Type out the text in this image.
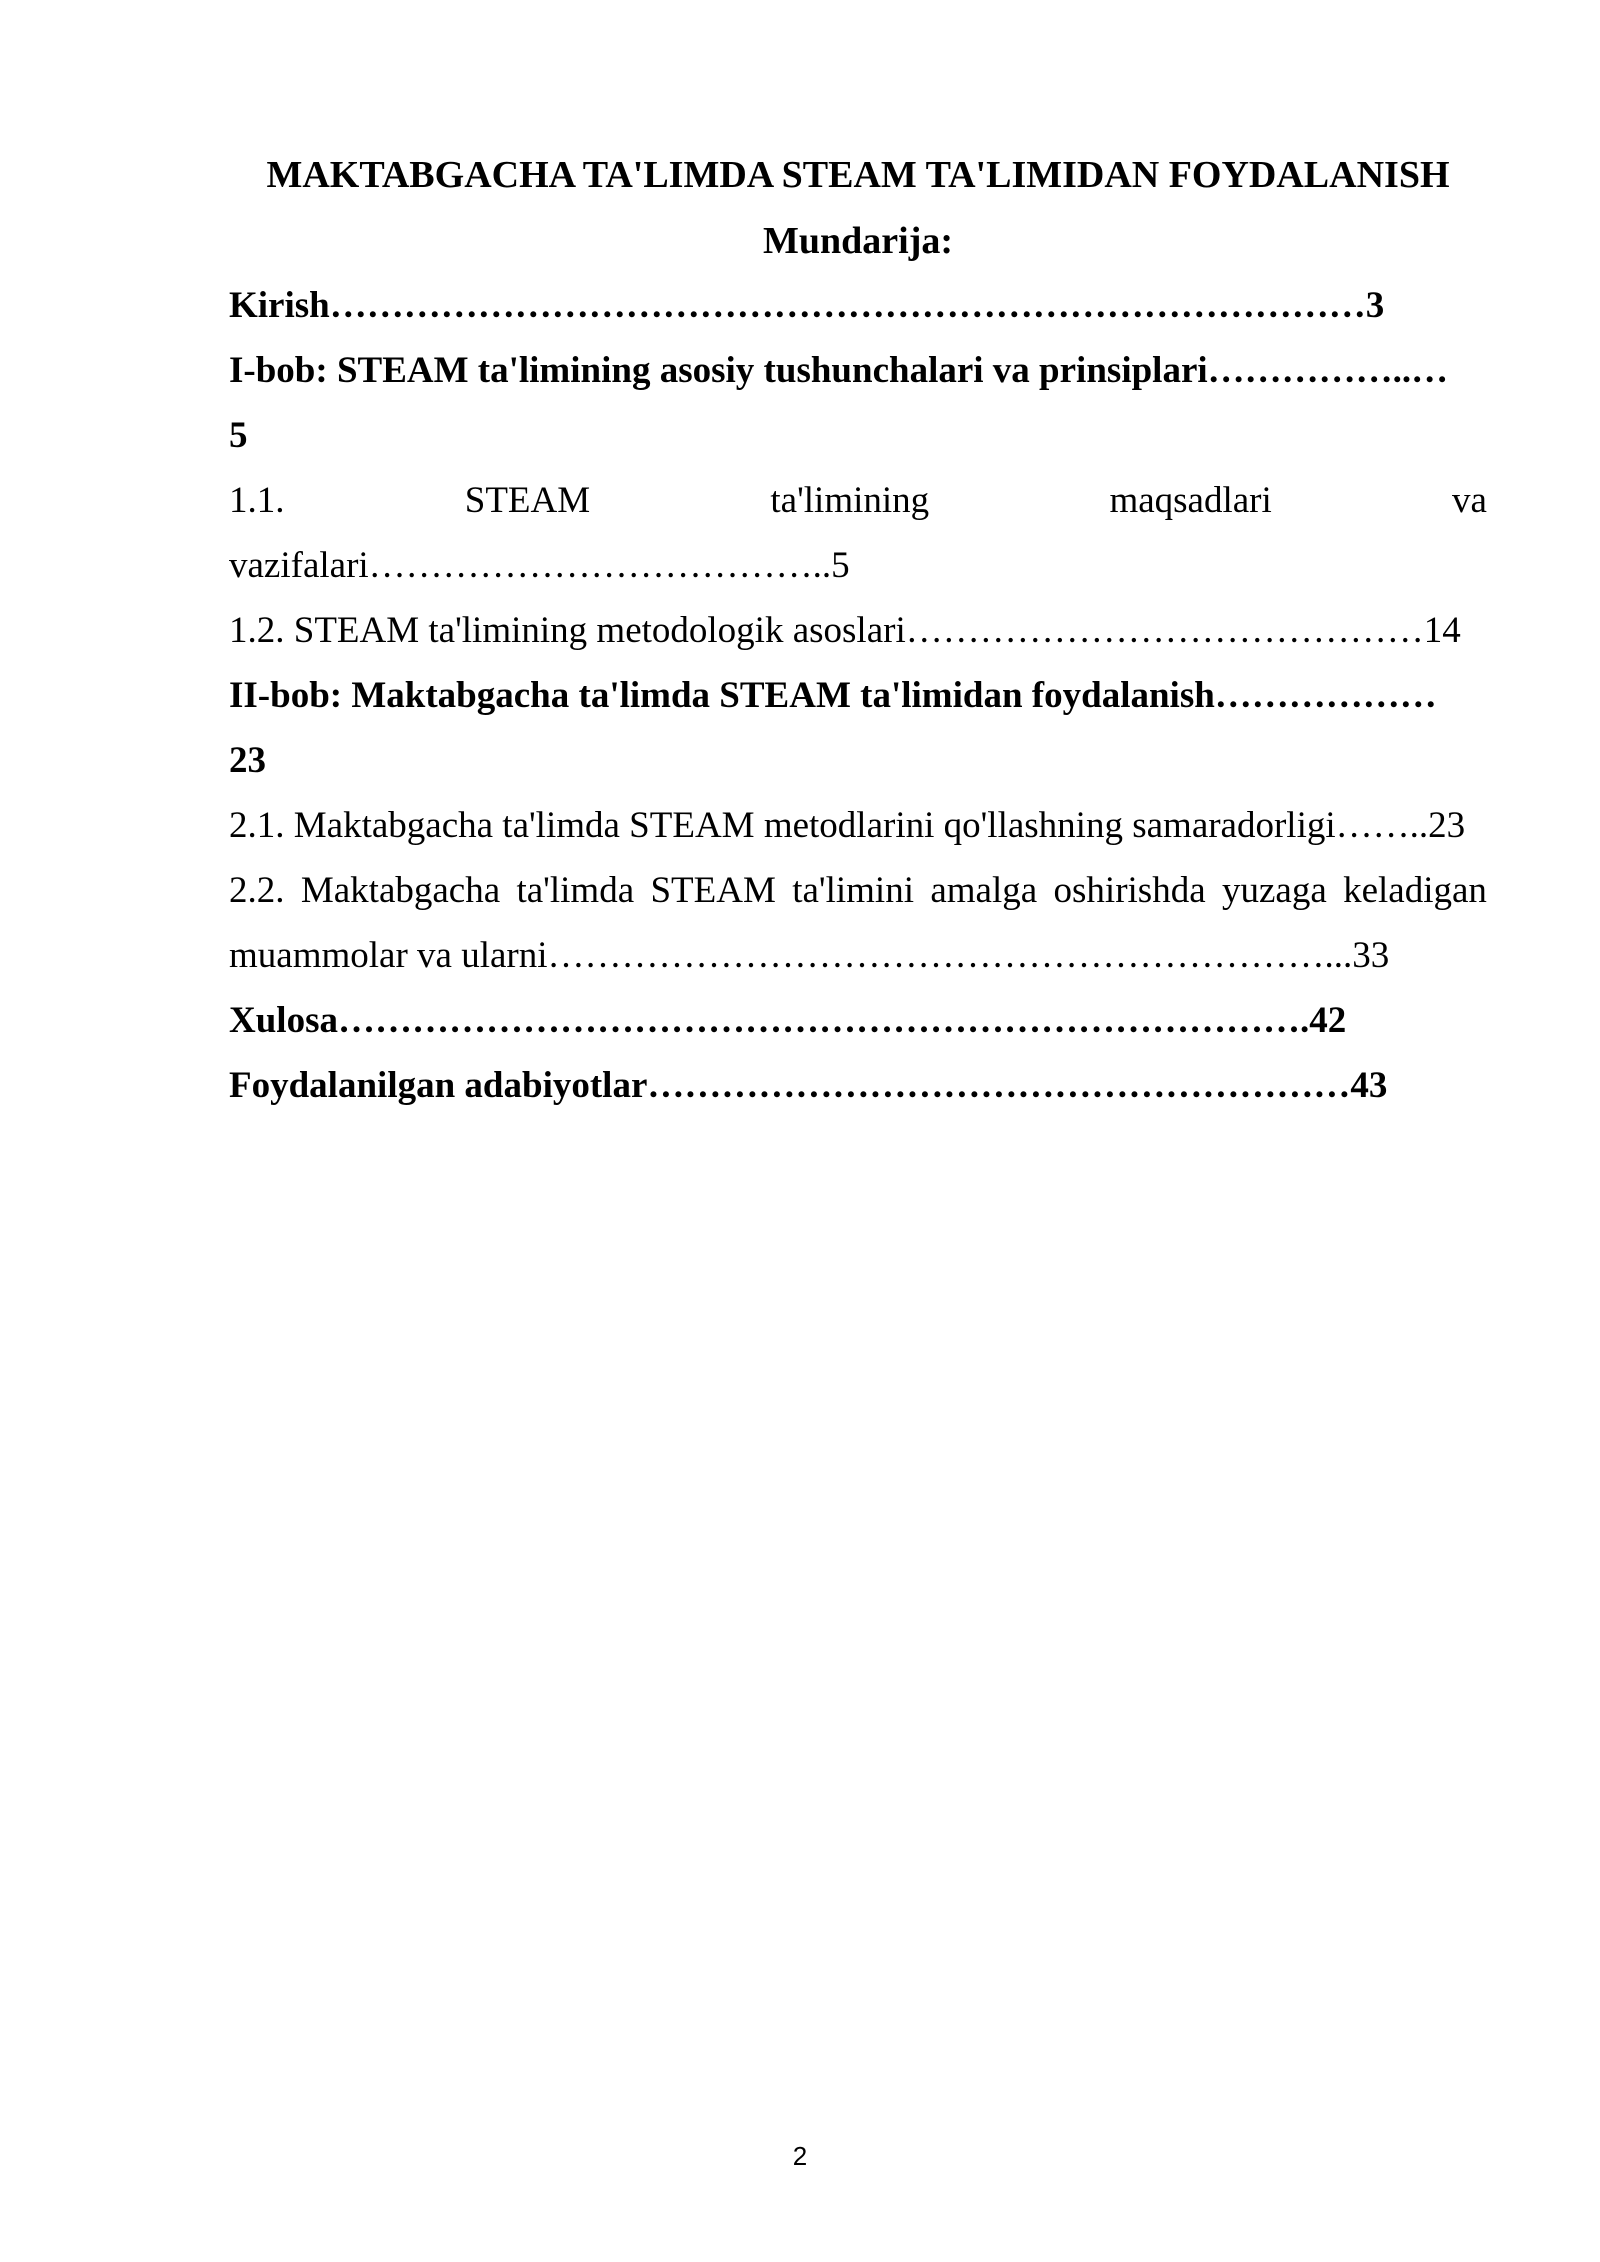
MAKTABGACHA TA'LIMDA STEAM TA'LIMIDAN FOYDALANISH
Mundarija:
Kirish…………………………………………………………………………3
I-bob: STEAM ta'limining asosiy tushunchalari va prinsiplari……………..…
5
1.1.	STEAM	ta'limining	maqsadlari	va
vazifalari………………………………..5
1.2. STEAM ta'limining metodologik asoslari……………………………………14
II-bob: Maktabgacha ta'limda STEAM ta'limidan foydalanish………………
23
2.1. Maktabgacha ta'limda STEAM metodlarini qo'llashning samaradorligi……..23
2.2. Maktabgacha ta'limda STEAM ta'limini amalga oshirishda yuzaga keladigan
muammolar va ularni………………………………………………………...33
Xulosa…………………………………………………………………….42
Foydalanilgan adabiyotlar…………………………………………………43
2
